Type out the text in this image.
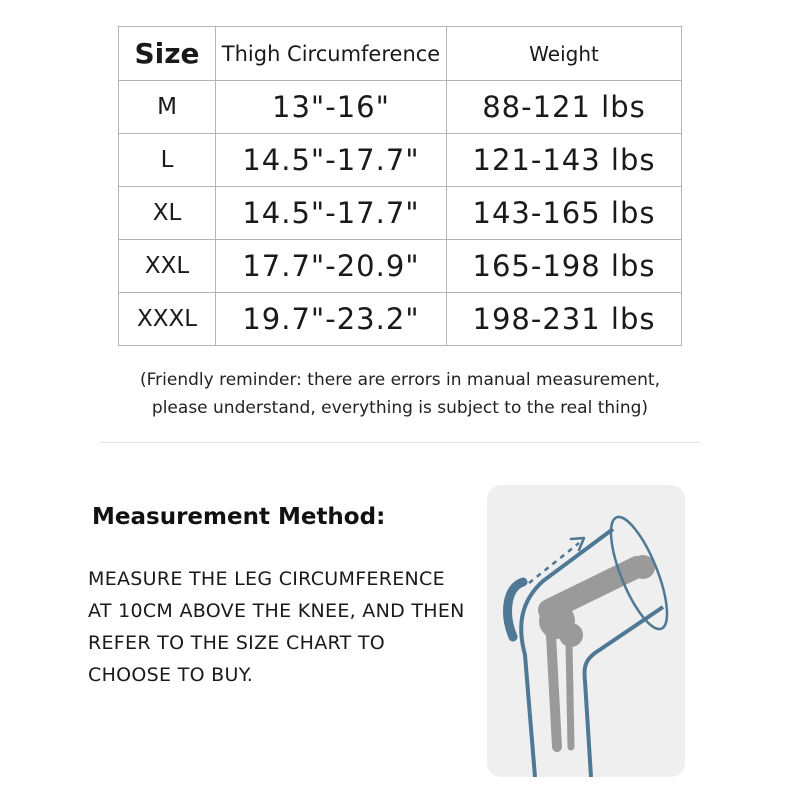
Size	Thigh Circumference	Weight
M	13"-16"	88-121 lbs
L	14.5"-17.7"	121-143 lbs
XL	14.5"-17.7"	143-165 lbs
XXL	17.7"-20.9"	165-198 lbs
XXXL	19.7"-23.2"	198-231 lbs
(Friendly reminder: there are errors in manual measurement,
please understand, everything is subject to the real thing)
Measurement Method:
MEASURE THE LEG CIRCUMFERENCE
AT 10CM ABOVE THE KNEE, AND THEN
REFER TO THE SIZE CHART TO
CHOOSE TO BUY.
